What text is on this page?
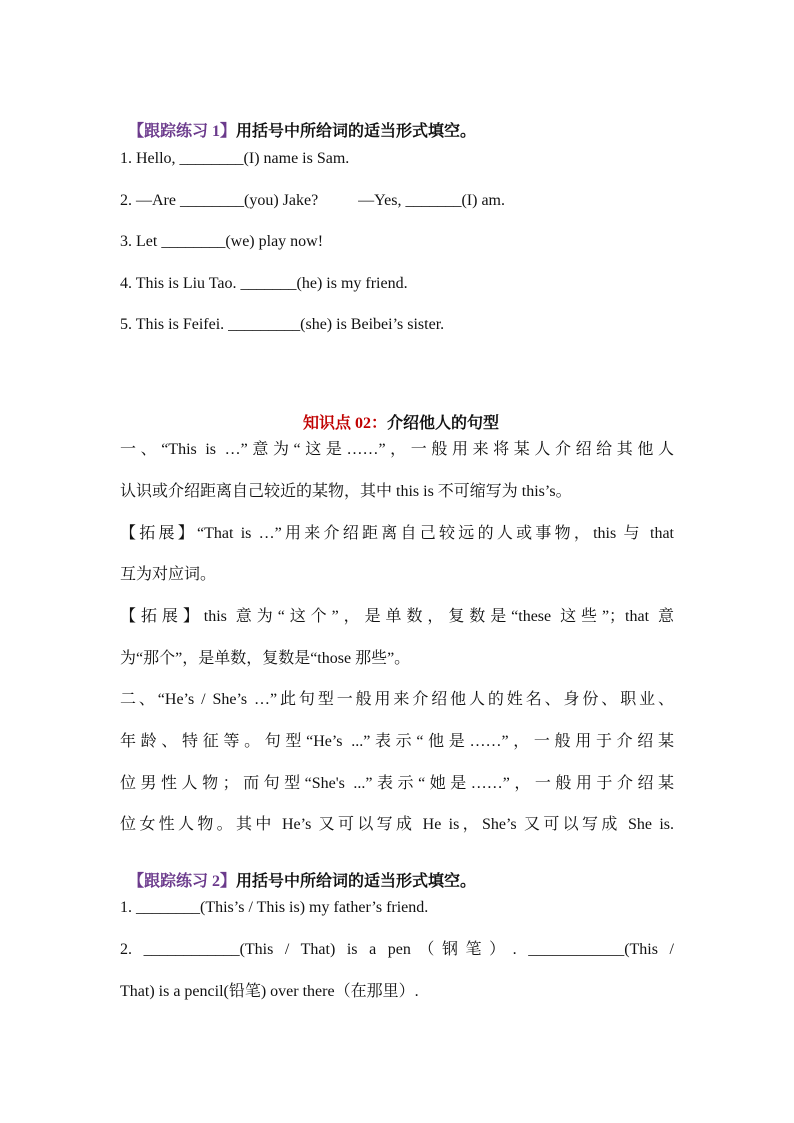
【跟踪练习 1】用括号中所给词的适当形式填空。

1. Hello, ________(I) name is Sam.
2. —Are ________(you) Jake?          —Yes, _______(I) am.
3. Let ________(we) play now!
4. This is Liu Tao. _______(he) is my friend.
5. This is Feifei. _________(she) is Beibei’s sister.

知识点 02：介绍他人的句型

一、“This is …”意为“这是……”，一般用来将某人介绍给其他人
认识或介绍距离自己较近的某物，其中 this is 不可缩写为 this’s。
【拓展】“That is …”用来介绍距离自己较远的人或事物，this 与 that
互为对应词。
【拓展】this 意为“这个”，是单数，复数是“these 这些”；that 意
为“那个”，是单数，复数是“those 那些”。
二、“He’s / She’s …”此句型一般用来介绍他人的姓名、身份、职业、
年龄、特征等。句型“He’s ...”表示“他是……”，一般用于介绍某
位男性人物；而句型“She's ...”表示“她是……”，一般用于介绍某
位女性人物。其中 He’s 又可以写成 He is，She’s 又可以写成 She is.

【跟踪练习 2】用括号中所给词的适当形式填空。

1. ________(This’s / This is) my father’s friend.
2. ____________(This / That) is a pen（钢笔）. ____________(This /
That) is a pencil(铅笔) over there（在那里）.
